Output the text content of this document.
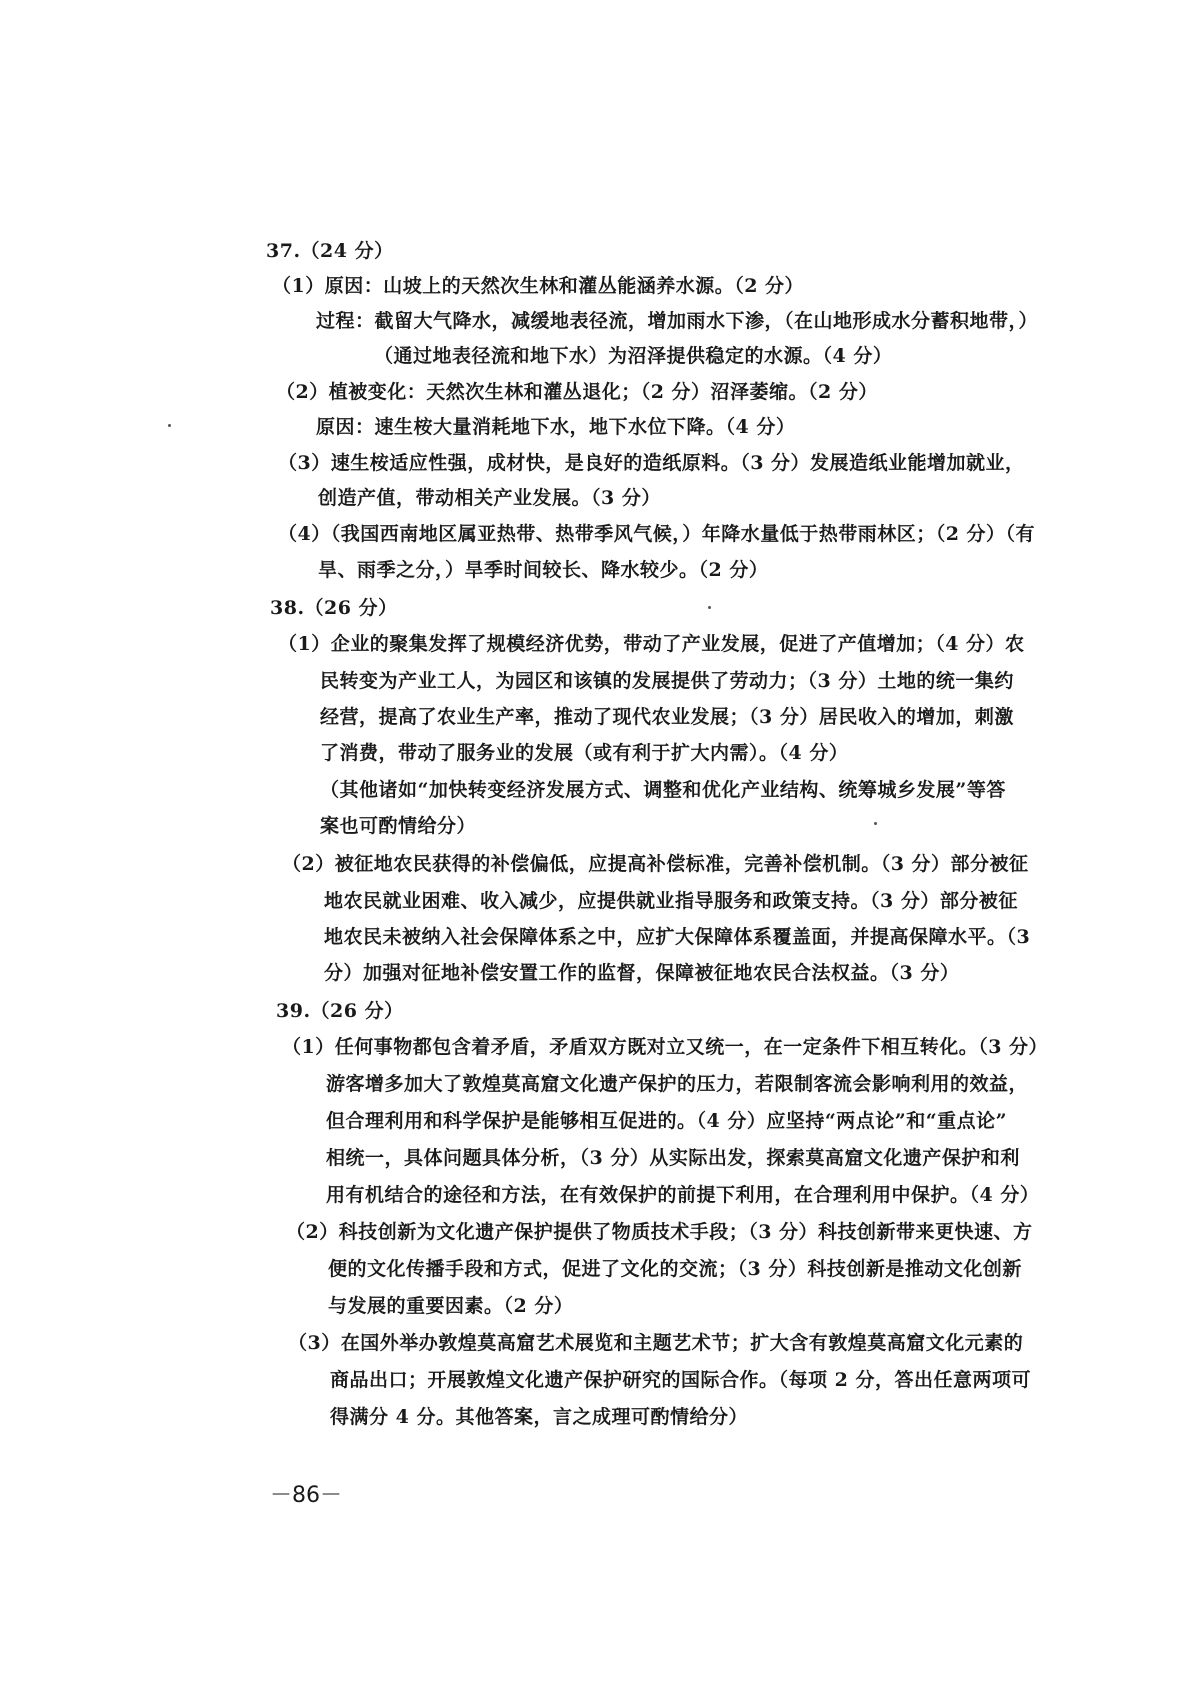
37.（24 分）
（1）原因：山坡上的天然次生林和灌丛能涵养水源。（2 分）
过程：截留大气降水，减缓地表径流，增加雨水下渗，（在山地形成水分蓄积地带，）
（通过地表径流和地下水）为沼泽提供稳定的水源。（4 分）
（2）植被变化：天然次生林和灌丛退化；（2 分）沼泽萎缩。（2 分）
原因：速生桉大量消耗地下水，地下水位下降。（4 分）
（3）速生桉适应性强，成材快，是良好的造纸原料。（3 分）发展造纸业能增加就业，
创造产值，带动相关产业发展。（3 分）
（4）（我国西南地区属亚热带、热带季风气候，）年降水量低于热带雨林区；（2 分）（有
旱、雨季之分，）旱季时间较长、降水较少。（2 分）
38.（26 分）
（1）企业的聚集发挥了规模经济优势，带动了产业发展，促进了产值增加；（4 分）农
民转变为产业工人，为园区和该镇的发展提供了劳动力；（3 分）土地的统一集约
经营，提高了农业生产率，推动了现代农业发展；（3 分）居民收入的增加，刺激
了消费，带动了服务业的发展（或有利于扩大内需）。（4 分）
（其他诸如“加快转变经济发展方式、调整和优化产业结构、统筹城乡发展”等答
案也可酌情给分）
（2）被征地农民获得的补偿偏低，应提高补偿标准，完善补偿机制。（3 分）部分被征
地农民就业困难、收入减少，应提供就业指导服务和政策支持。（3 分）部分被征
地农民未被纳入社会保障体系之中，应扩大保障体系覆盖面，并提高保障水平。（3
分）加强对征地补偿安置工作的监督，保障被征地农民合法权益。（3 分）
39.（26 分）
（1）任何事物都包含着矛盾，矛盾双方既对立又统一，在一定条件下相互转化。（3 分）
游客增多加大了敦煌莫高窟文化遗产保护的压力，若限制客流会影响利用的效益，
但合理利用和科学保护是能够相互促进的。（4 分）应坚持“两点论”和“重点论”
相统一，具体问题具体分析，（3 分）从实际出发，探索莫高窟文化遗产保护和利
用有机结合的途径和方法，在有效保护的前提下利用，在合理利用中保护。（4 分）
（2）科技创新为文化遗产保护提供了物质技术手段；（3 分）科技创新带来更快速、方
便的文化传播手段和方式，促进了文化的交流；（3 分）科技创新是推动文化创新
与发展的重要因素。（2 分）
（3）在国外举办敦煌莫高窟艺术展览和主题艺术节；扩大含有敦煌莫高窟文化元素的
商品出口；开展敦煌文化遗产保护研究的国际合作。（每项 2 分，答出任意两项可
得满分 4 分。其他答案，言之成理可酌情给分）
－86－
